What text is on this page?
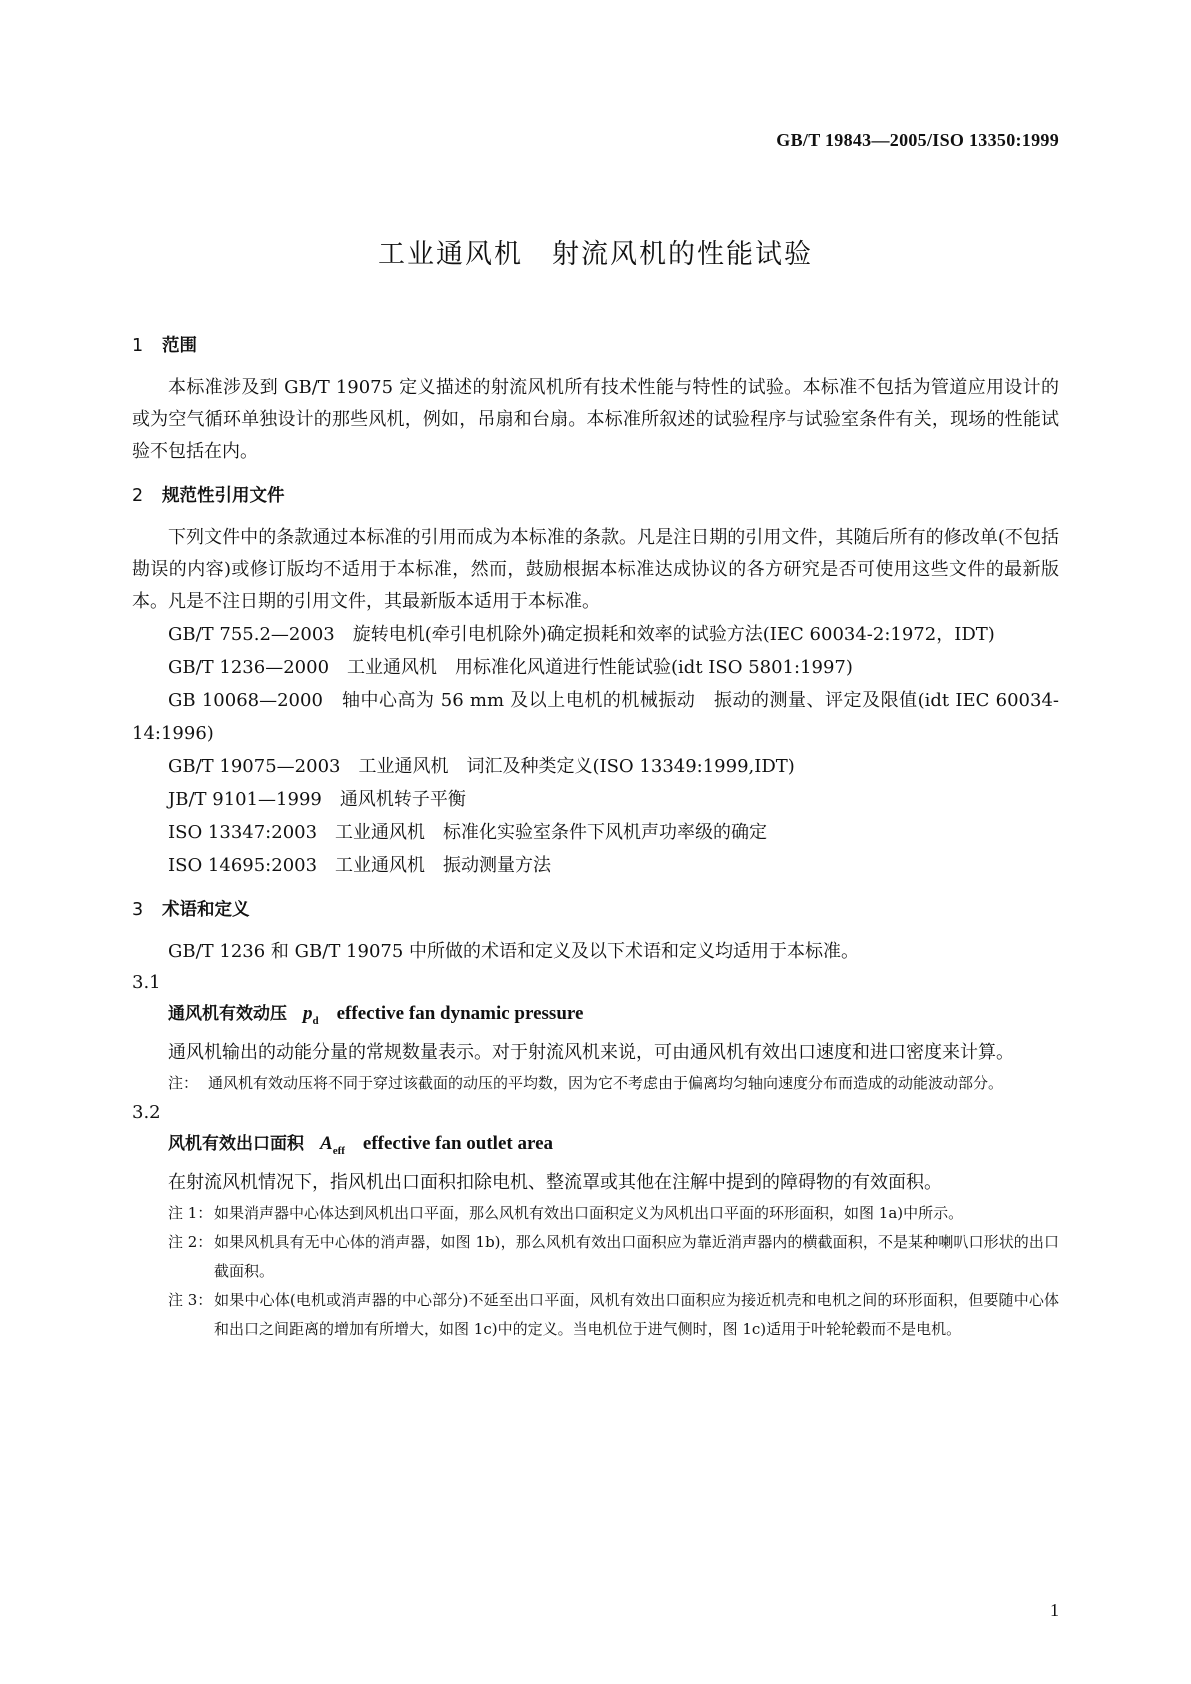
GB/T 19843—2005/ISO 13350:1999
工业通风机　射流风机的性能试验
1 范围

本标准涉及到 GB/T 19075 定义描述的射流风机所有技术性能与特性的试验。本标准不包括为管道应用设计的或为空气循环单独设计的那些风机，例如，吊扇和台扇。本标准所叙述的试验程序与试验室条件有关，现场的性能试验不包括在内。

2 规范性引用文件

下列文件中的条款通过本标准的引用而成为本标准的条款。凡是注日期的引用文件，其随后所有的修改单(不包括勘误的内容)或修订版均不适用于本标准，然而，鼓励根据本标准达成协议的各方研究是否可使用这些文件的最新版本。凡是不注日期的引用文件，其最新版本适用于本标准。

GB/T 755.2—2003　旋转电机(牵引电机除外)确定损耗和效率的试验方法(IEC 60034-2:1972，IDT)

GB/T 1236—2000　工业通风机　用标准化风道进行性能试验(idt ISO 5801:1997)

GB 10068—2000　轴中心高为 56 mm 及以上电机的机械振动　振动的测量、评定及限值(idt IEC 60034-14:1996)

GB/T 19075—2003　工业通风机　词汇及种类定义(ISO 13349:1999,IDT)

JB/T 9101—1999　通风机转子平衡

ISO 13347:2003　工业通风机　标准化实验室条件下风机声功率级的确定

ISO 14695:2003　工业通风机　振动测量方法

3 术语和定义

GB/T 1236 和 GB/T 19075 中所做的术语和定义及以下术语和定义均适用于本标准。

3.1

通风机有效动压 $p_d$ effective fan dynamic pressure

通风机输出的动能分量的常规数量表示。对于射流风机来说，可由通风机有效出口速度和进口密度来计算。

注： 通风机有效动压将不同于穿过该截面的动压的平均数，因为它不考虑由于偏离均匀轴向速度分布而造成的动能波动部分。

3.2

风机有效出口面积 $A_{eff}$ effective fan outlet area

在射流风机情况下，指风机出口面积扣除电机、整流罩或其他在注解中提到的障碍物的有效面积。

注 1： 如果消声器中心体达到风机出口平面，那么风机有效出口面积定义为风机出口平面的环形面积，如图 1a)中所示。

注 2： 如果风机具有无中心体的消声器，如图 1b)，那么风机有效出口面积应为靠近消声器内的横截面积，不是某种喇叭口形状的出口截面积。

注 3： 如果中心体(电机或消声器的中心部分)不延至出口平面，风机有效出口面积应为接近机壳和电机之间的环形面积，但要随中心体和出口之间距离的增加有所增大，如图 1c)中的定义。当电机位于进气侧时，图 1c)适用于叶轮轮毂而不是电机。

1
